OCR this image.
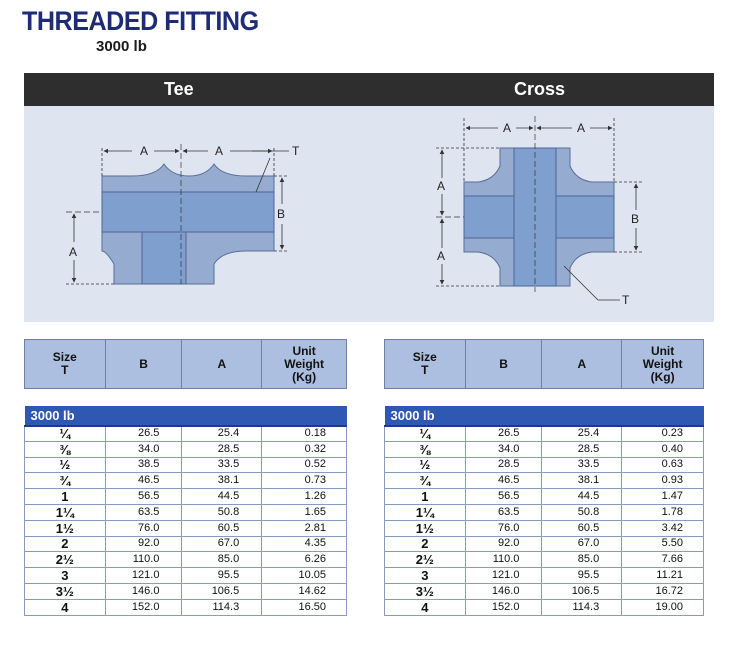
THREADED FITTING
3000 lb
Tee	Cross
A	A	T
B
A
A	A
A
A
B
T
Size
T	B	A	Unit
Weight
(Kg)

3000 lb			
¼	26.5	25.4	0.18
⅜	34.0	28.5	0.32
½	38.5	33.5	0.52
¾	46.5	38.1	0.73
1	56.5	44.5	1.26
1¼	63.5	50.8	1.65
1½	76.0	60.5	2.81
2	92.0	67.0	4.35
2½	110.0	85.0	6.26
3	121.0	95.5	10.05
3½	146.0	106.5	14.62
4	152.0	114.3	16.50
Size
T	B	A	Unit
Weight
(Kg)

3000 lb			
¼	26.5	25.4	0.23
⅜	34.0	28.5	0.40
½	28.5	33.5	0.63
¾	46.5	38.1	0.93
1	56.5	44.5	1.47
1¼	63.5	50.8	1.78
1½	76.0	60.5	3.42
2	92.0	67.0	5.50
2½	110.0	85.0	7.66
3	121.0	95.5	11.21
3½	146.0	106.5	16.72
4	152.0	114.3	19.00
